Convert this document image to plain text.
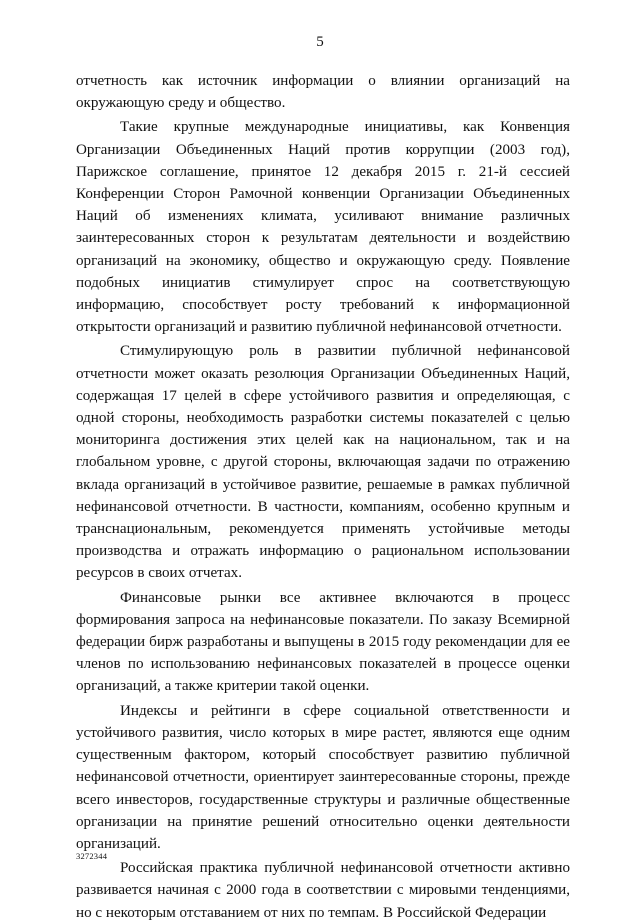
5

отчетность как источник информации о влиянии организаций на окружающую среду и общество.

Такие крупные международные инициативы, как Конвенция Организации Объединенных Наций против коррупции (2003 год), Парижское соглашение, принятое 12 декабря 2015 г. 21-й сессией Конференции Сторон Рамочной конвенции Организации Объединенных Наций об изменениях климата, усиливают внимание различных заинтересованных сторон к результатам деятельности и воздействию организаций на экономику, общество и окружающую среду. Появление подобных инициатив стимулирует спрос на соответствующую информацию, способствует росту требований к информационной открытости организаций и развитию публичной нефинансовой отчетности.

Стимулирующую роль в развитии публичной нефинансовой отчетности может оказать резолюция Организации Объединенных Наций, содержащая 17 целей в сфере устойчивого развития и определяющая, с одной стороны, необходимость разработки системы показателей с целью мониторинга достижения этих целей как на национальном, так и на глобальном уровне, с другой стороны, включающая задачи по отражению вклада организаций в устойчивое развитие, решаемые в рамках публичной нефинансовой отчетности. В частности, компаниям, особенно крупным и транснациональным, рекомендуется применять устойчивые методы производства и отражать информацию о рациональном использовании ресурсов в своих отчетах.

Финансовые рынки все активнее включаются в процесс формирования запроса на нефинансовые показатели. По заказу Всемирной федерации бирж разработаны и выпущены в 2015 году рекомендации для ее членов по использованию нефинансовых показателей в процессе оценки организаций, а также критерии такой оценки.

Индексы и рейтинги в сфере социальной ответственности и устойчивого развития, число которых в мире растет, являются еще одним существенным фактором, который способствует развитию публичной нефинансовой отчетности, ориентирует заинтересованные стороны, прежде всего инвесторов, государственные структуры и различные общественные организации на принятие решений относительно оценки деятельности организаций.

Российская практика публичной нефинансовой отчетности активно развивается начиная с 2000 года в соответствии с мировыми тенденциями, но с некоторым отставанием от них по темпам. В Российской Федерации

3272344
